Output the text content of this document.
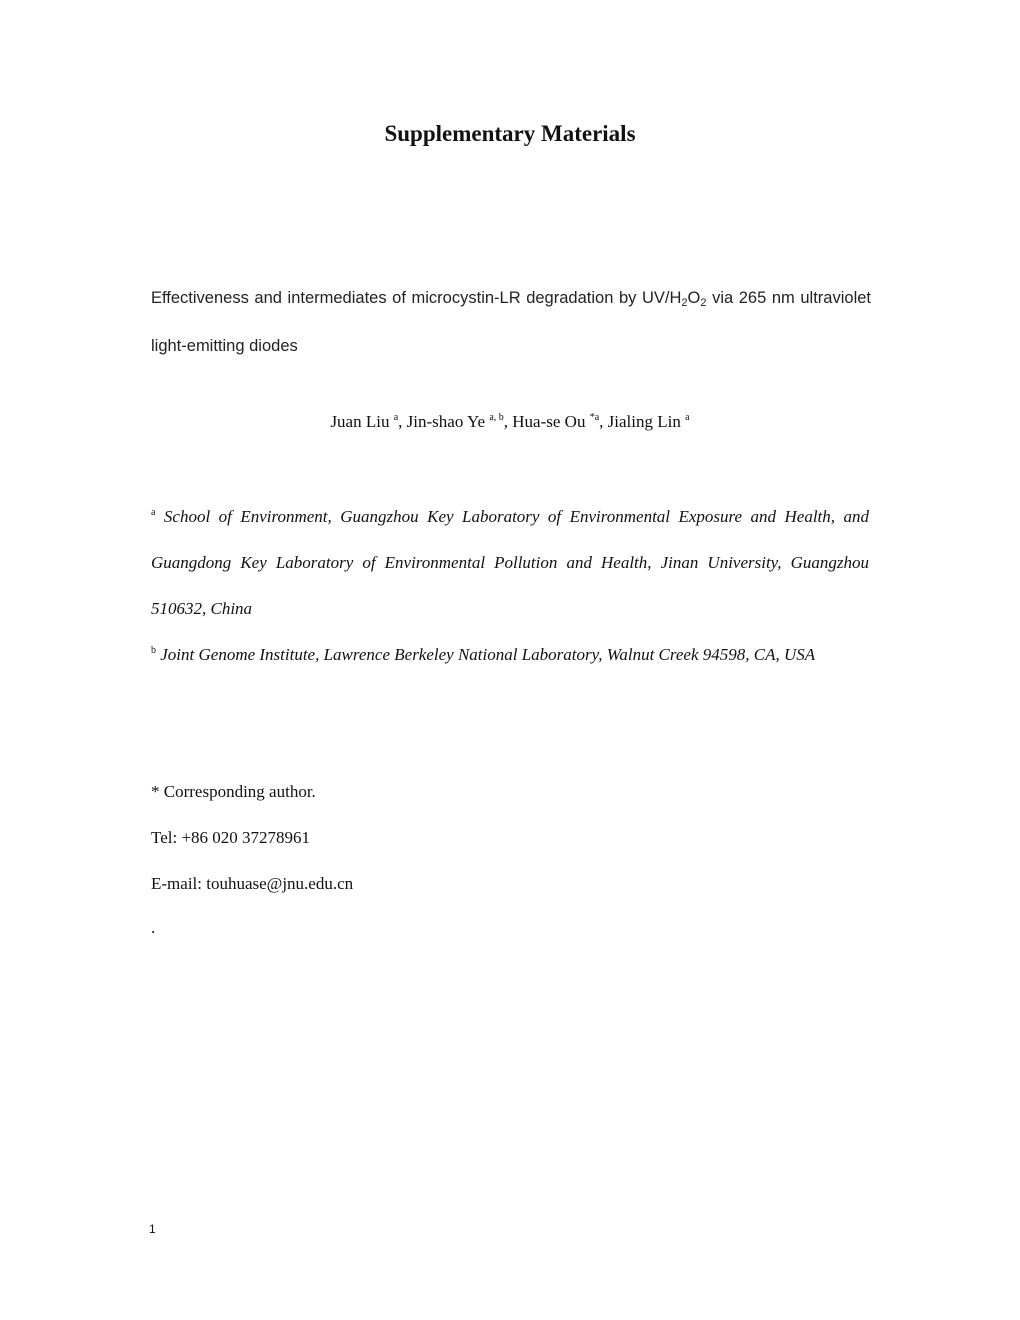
Supplementary Materials
Effectiveness and intermediates of microcystin-LR degradation by $UV/H_2O_2$ via 265 nm ultraviolet light-emitting diodes
Juan Liu $^a$, Jin-shao Ye $^{a, b}$, Hua-se Ou $^{*a}$, Jialing Lin $^a$
$^a$ School of Environment, Guangzhou Key Laboratory of Environmental Exposure and Health, and Guangdong Key Laboratory of Environmental Pollution and Health, Jinan University, Guangzhou 510632, China
$^b$ Joint Genome Institute, Lawrence Berkeley National Laboratory, Walnut Creek 94598, CA, USA
* Corresponding author.
Tel: +86 020 37278961
E-mail: touhuase@jnu.edu.cn
.
1
